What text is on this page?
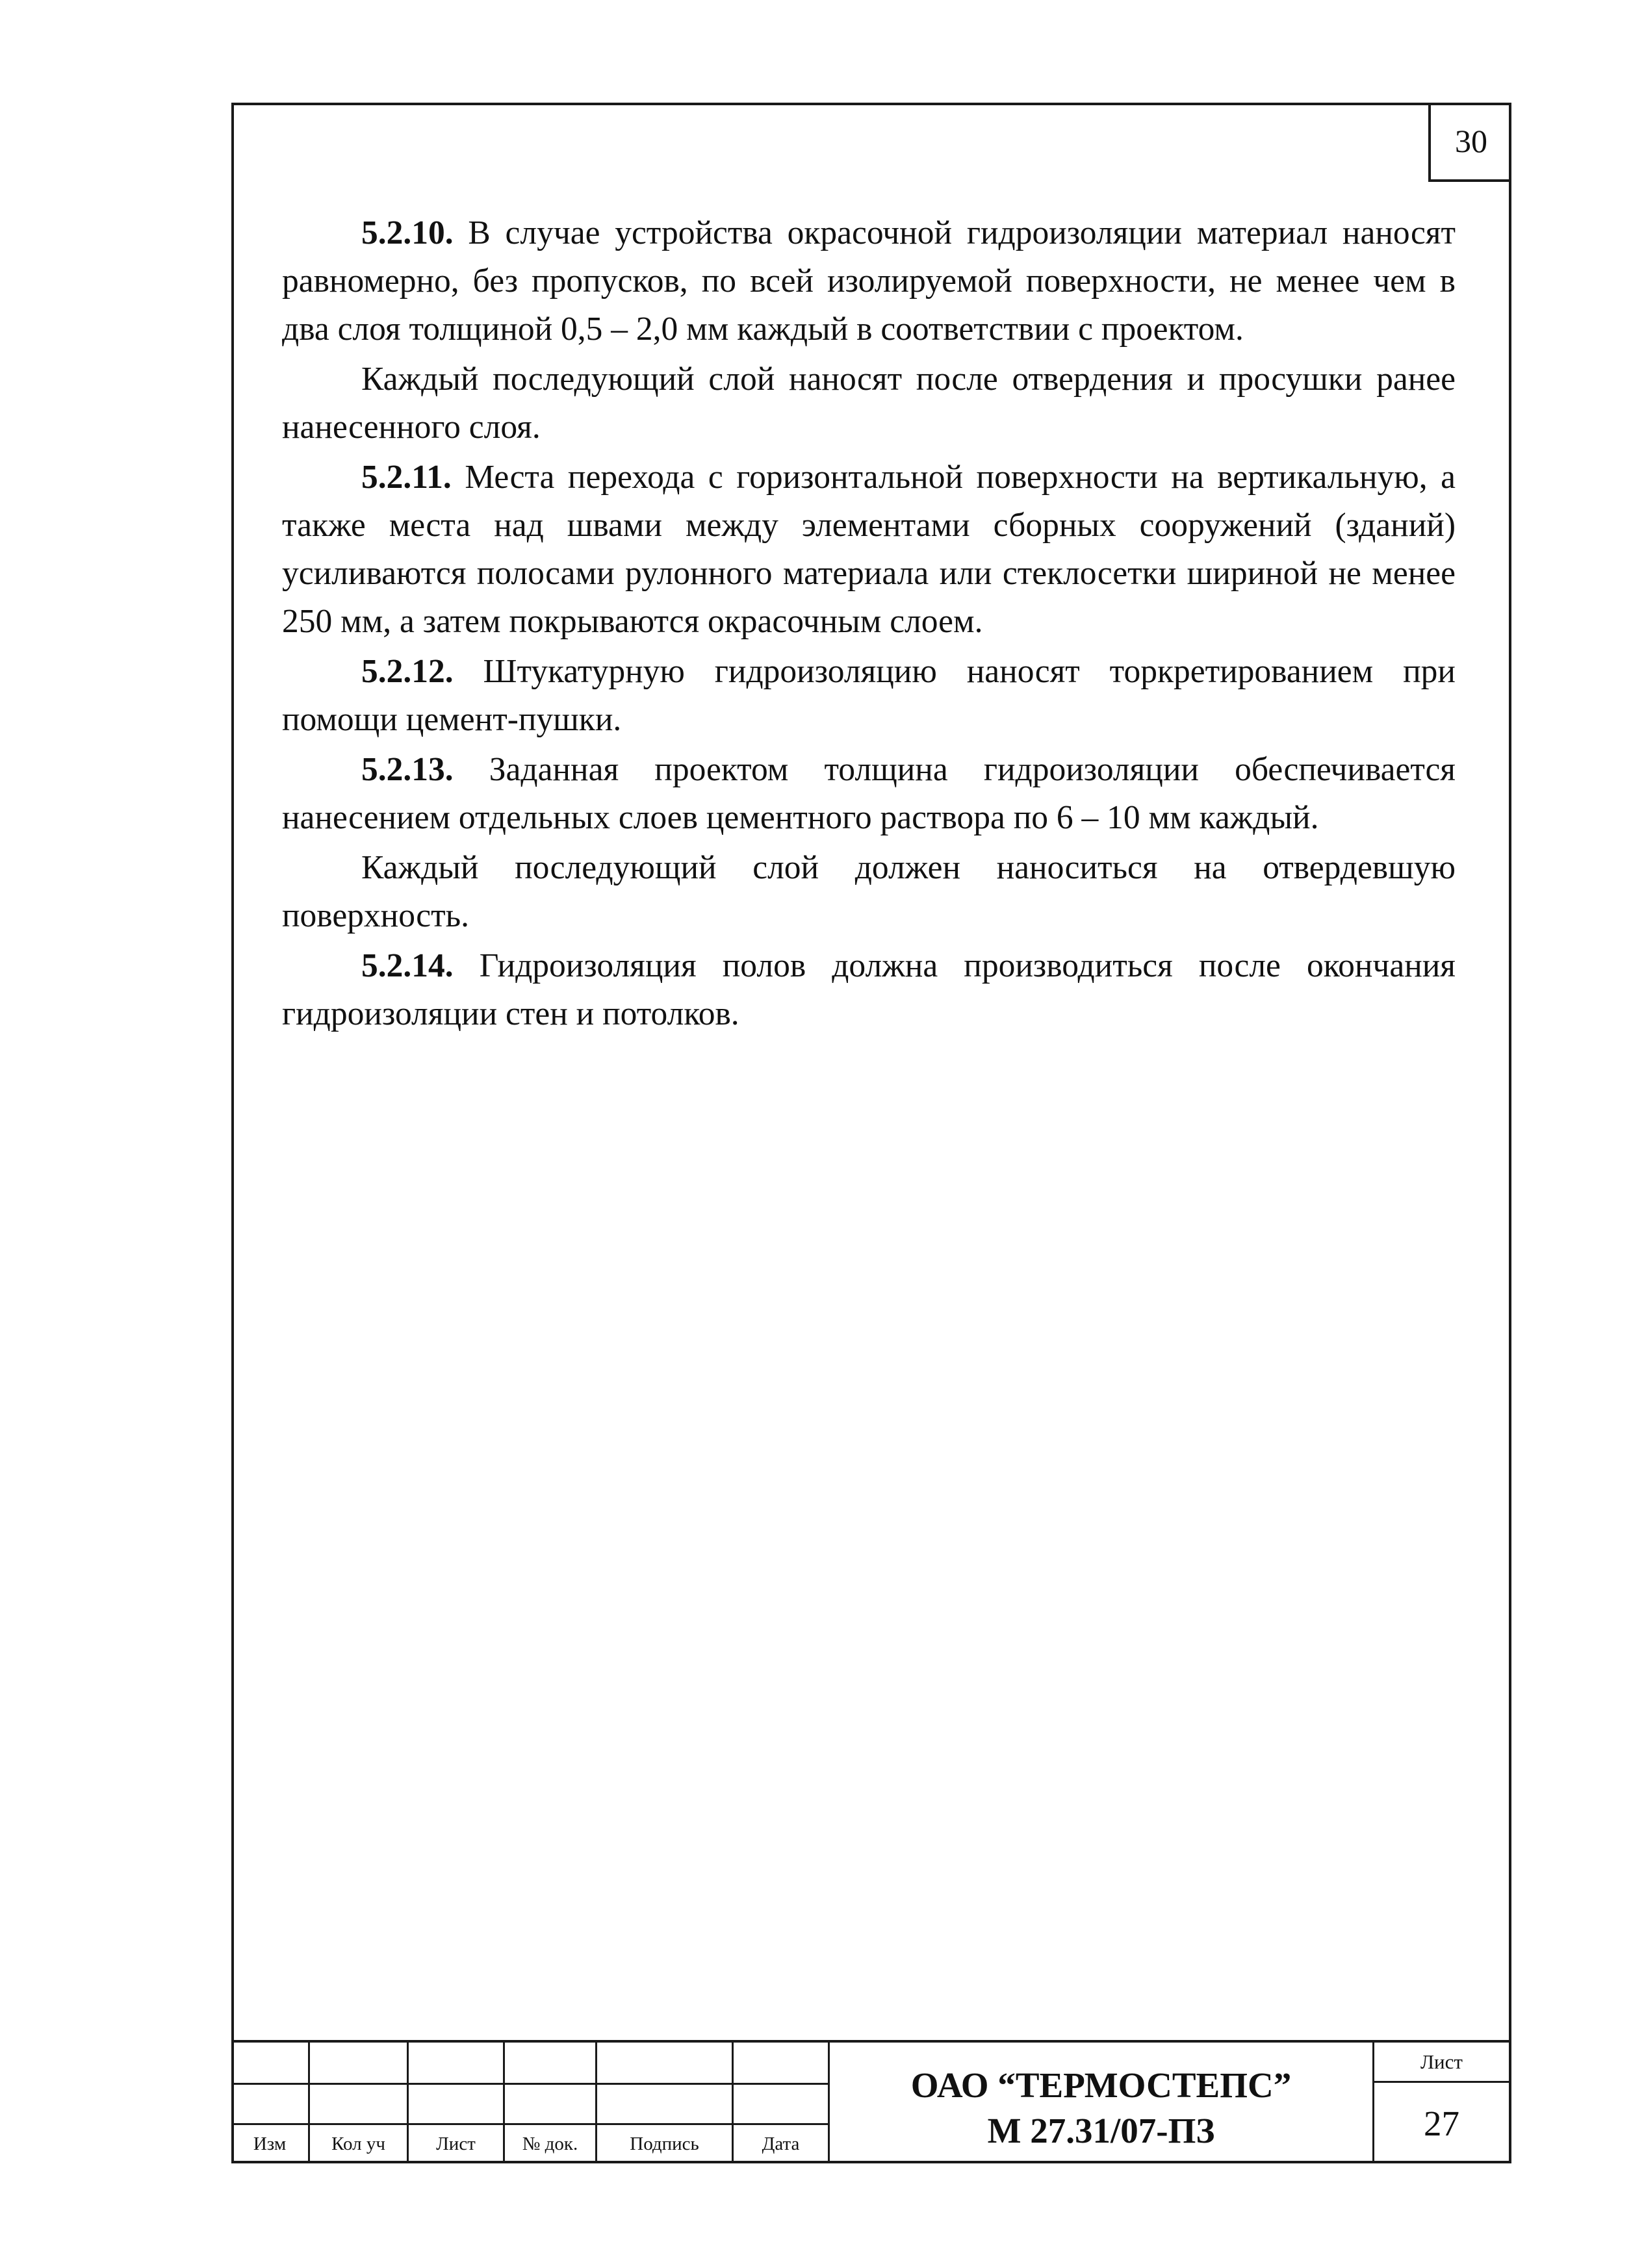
30

5.2.10. В случае устройства окрасочной гидроизоляции материал наносят равномерно, без пропусков, по всей изолируемой поверхности, не менее чем в два слоя толщиной 0,5 – 2,0 мм каждый в соответствии с проектом.

Каждый последующий слой наносят после отвердения и просушки ранее нанесенного слоя.

5.2.11. Места перехода с горизонтальной поверхности на вертикальную, а также места над швами между элементами сборных сооружений (зданий) усиливаются полосами рулонного материала или стеклосетки шириной не менее 250 мм, а затем покрываются окрасочным слоем.

5.2.12. Штукатурную гидроизоляцию наносят торкретированием при помощи цемент-пушки.

5.2.13. Заданная проектом толщина гидроизоляции обеспечивается нанесением отдельных слоев цементного раствора по 6 – 10 мм каждый.

Каждый последующий слой должен наноситься на отвердевшую поверхность.

5.2.14. Гидроизоляция полов должна производиться после окончания гидроизоляции стен и потолков.

Изм	Кол уч	Лист	№ док.	Подпись	Дата
ОАО “ТЕРМОСТЕПС”
М 27.31/07-ПЗ
Лист
27
